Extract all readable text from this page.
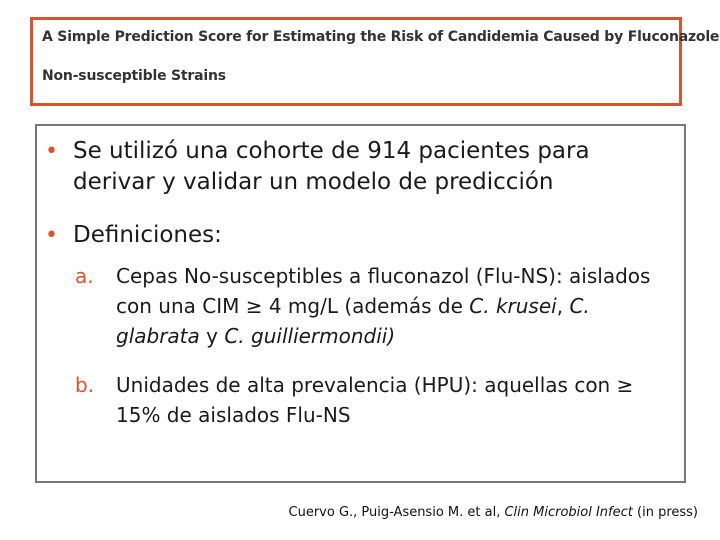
A Simple Prediction Score for Estimating the Risk of Candidemia Caused by Fluconazole
Non-susceptible Strains
• Se utilizó una cohorte de 914 pacientes para derivar y validar un modelo de predicción
• Definiciones:
a.	Cepas No-susceptibles a fluconazol (Flu-NS): aislados con una CIM ≥ 4 mg/L (además de C. krusei, C. glabrata y C. guilliermondii)
b.	Unidades de alta prevalencia (HPU): aquellas con ≥ 15% de aislados Flu-NS
Cuervo G., Puig-Asensio M. et al, Clin Microbiol Infect (in press)
